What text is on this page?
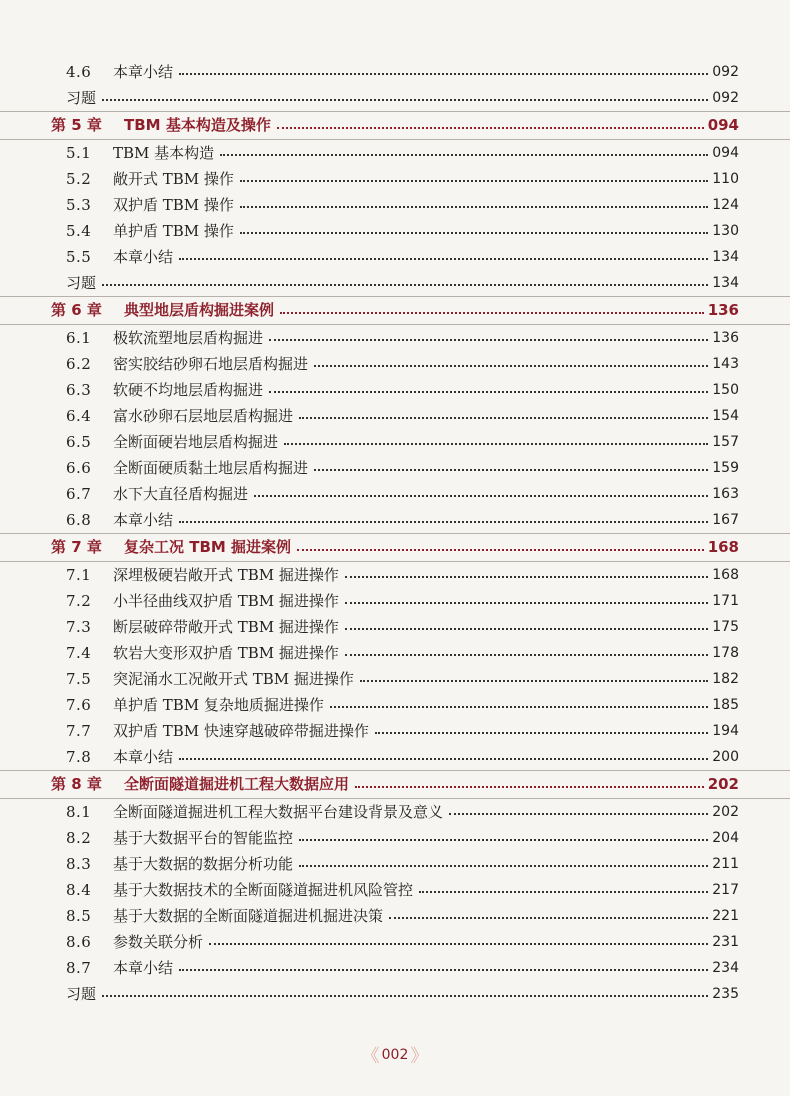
4.6	本章小结	092
习题	092
第 5 章 TBM 基本构造及操作	094
5.1	TBM 基本构造	094
5.2	敞开式 TBM 操作	110
5.3	双护盾 TBM 操作	124
5.4	单护盾 TBM 操作	130
5.5	本章小结	134
习题	134
第 6 章 典型地层盾构掘进案例	136
6.1	极软流塑地层盾构掘进	136
6.2	密实胶结砂卵石地层盾构掘进	143
6.3	软硬不均地层盾构掘进	150
6.4	富水砂卵石层地层盾构掘进	154
6.5	全断面硬岩地层盾构掘进	157
6.6	全断面硬质黏土地层盾构掘进	159
6.7	水下大直径盾构掘进	163
6.8	本章小结	167
第 7 章 复杂工况 TBM 掘进案例	168
7.1	深埋极硬岩敞开式 TBM 掘进操作	168
7.2	小半径曲线双护盾 TBM 掘进操作	171
7.3	断层破碎带敞开式 TBM 掘进操作	175
7.4	软岩大变形双护盾 TBM 掘进操作	178
7.5	突泥涌水工况敞开式 TBM 掘进操作	182
7.6	单护盾 TBM 复杂地质掘进操作	185
7.7	双护盾 TBM 快速穿越破碎带掘进操作	194
7.8	本章小结	200
第 8 章 全断面隧道掘进机工程大数据应用	202
8.1	全断面隧道掘进机工程大数据平台建设背景及意义	202
8.2	基于大数据平台的智能监控	204
8.3	基于大数据的数据分析功能	211
8.4	基于大数据技术的全断面隧道掘进机风险管控	217
8.5	基于大数据的全断面隧道掘进机掘进决策	221
8.6	参数关联分析	231
8.7	本章小结	234
习题	235
《 002 》
